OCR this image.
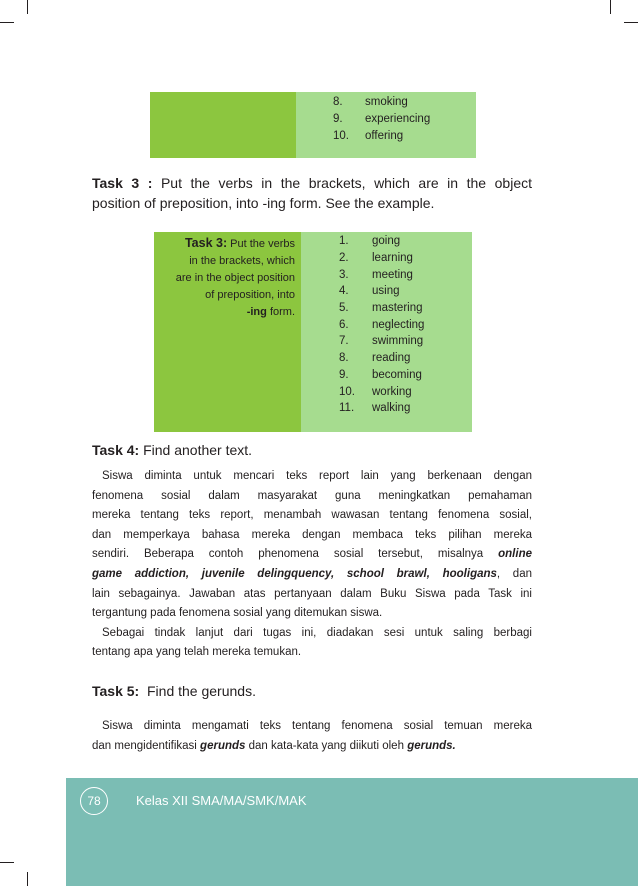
8.	smoking
9.	experiencing
10.	offering
Task 3 : Put the verbs in the brackets, which are in the object
position of preposition, into -ing form. See the example.
Task 3: Put the verbs
in the brackets, which
are in the object position
of preposition, into
-ing form.
1.	going
2.	learning
3.	meeting
4.	using
5.	mastering
6.	neglecting
7.	swimming
8.	reading
9.	becoming
10.	working
11.	walking
Task 4: Find another text.
Siswa diminta untuk mencari teks report lain yang berkenaan dengan
fenomena sosial dalam masyarakat guna meningkatkan pemahaman
mereka tentang teks report, menambah wawasan tentang fenomena sosial,
dan memperkaya bahasa mereka dengan membaca teks pilihan mereka
sendiri. Beberapa contoh phenomena sosial tersebut, misalnya online
game addiction, juvenile delingquency, school brawl, hooligans, dan
lain sebagainya. Jawaban atas pertanyaan dalam Buku Siswa pada Task ini
tergantung pada fenomena sosial yang ditemukan siswa.
Sebagai tindak lanjut dari tugas ini, diadakan sesi untuk saling berbagi
tentang apa yang telah mereka temukan.
Task 5: Find the gerunds.
Siswa diminta mengamati teks tentang fenomena sosial temuan mereka
dan mengidentifikasi gerunds dan kata-kata yang diikuti oleh gerunds.
78	Kelas XII SMA/MA/SMK/MAK
